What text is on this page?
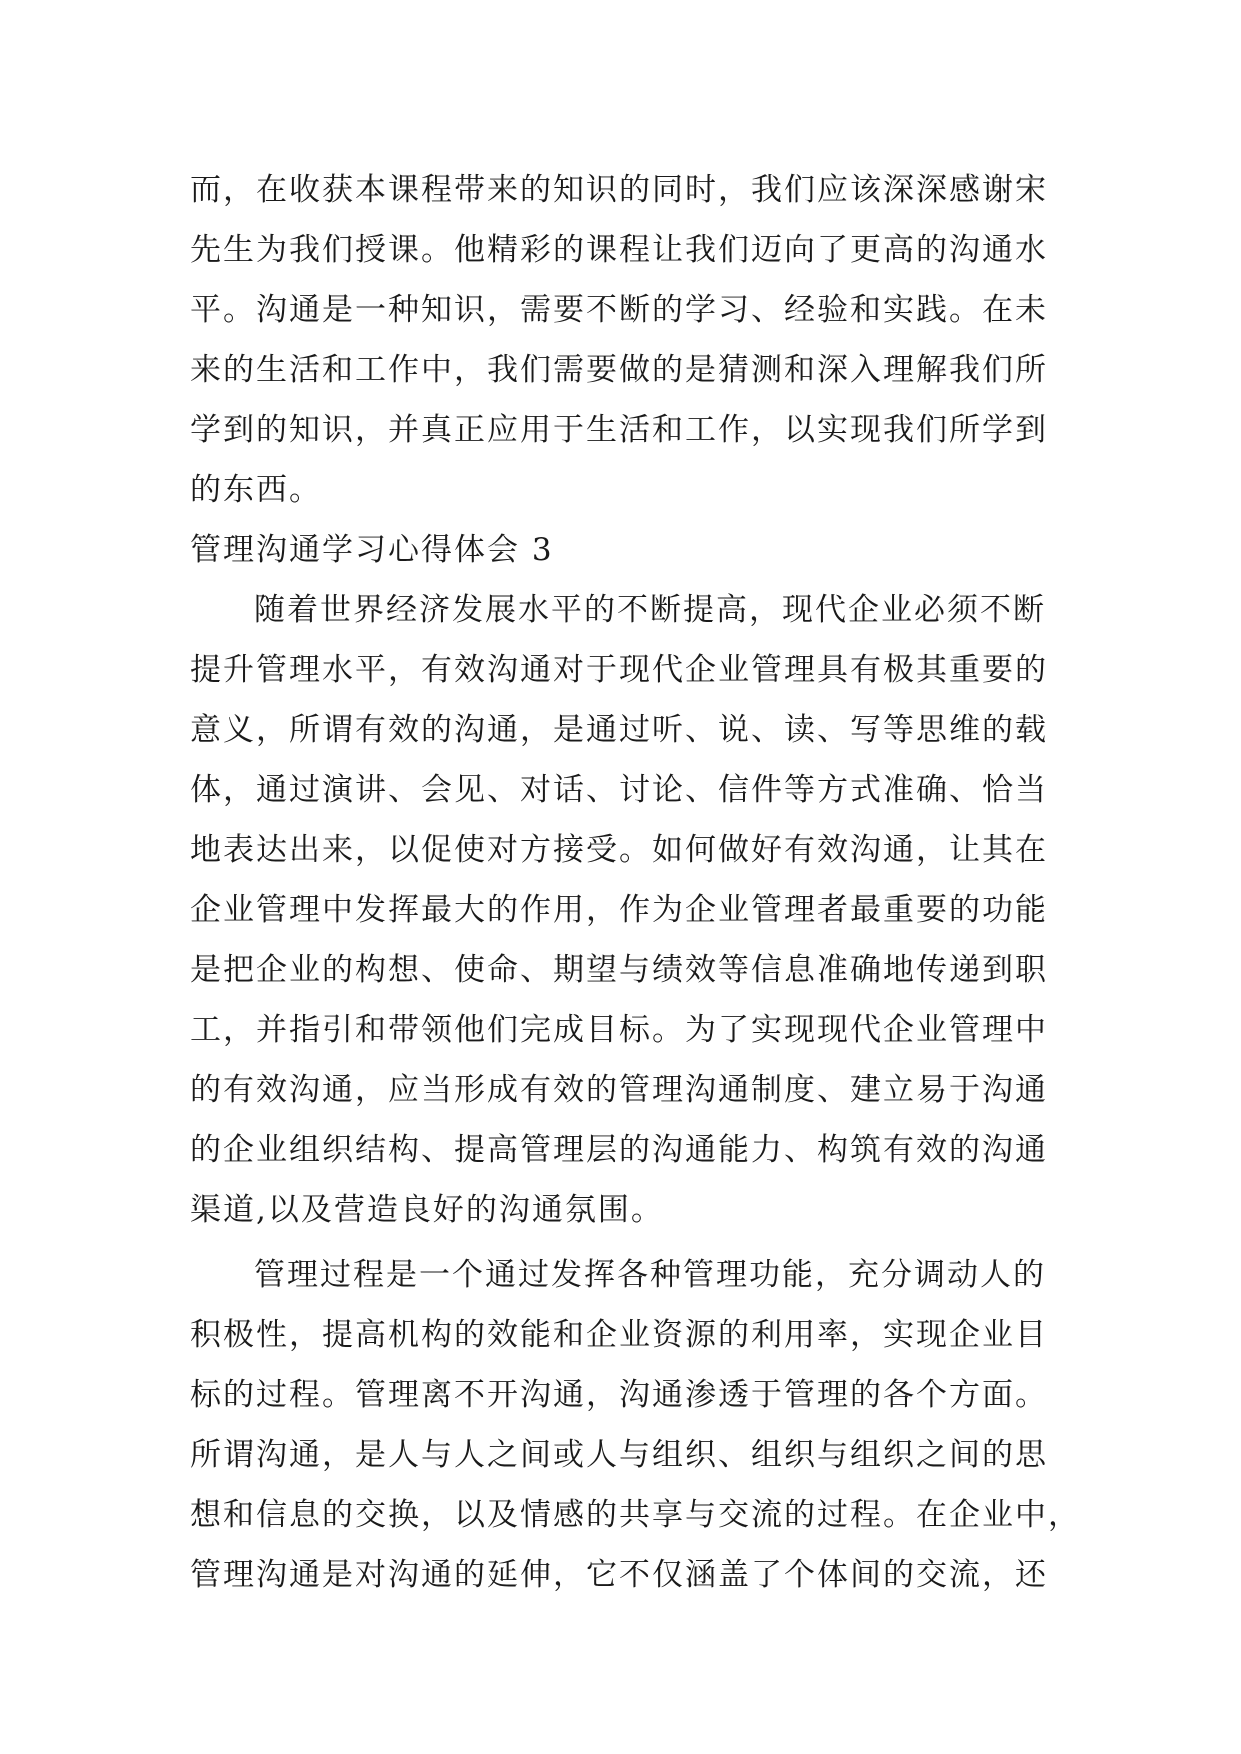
而，在收获本课程带来的知识的同时，我们应该深深感谢宋
先生为我们授课。他精彩的课程让我们迈向了更高的沟通水
平。沟通是一种知识，需要不断的学习、经验和实践。在未
来的生活和工作中，我们需要做的是猜测和深入理解我们所
学到的知识，并真正应用于生活和工作，以实现我们所学到
的东西。
管理沟通学习心得体会 3
随着世界经济发展水平的不断提高，现代企业必须不断
提升管理水平，有效沟通对于现代企业管理具有极其重要的
意义，所谓有效的沟通，是通过听、说、读、写等思维的载
体，通过演讲、会见、对话、讨论、信件等方式准确、恰当
地表达出来，以促使对方接受。如何做好有效沟通，让其在
企业管理中发挥最大的作用，作为企业管理者最重要的功能
是把企业的构想、使命、期望与绩效等信息准确地传递到职
工，并指引和带领他们完成目标。为了实现现代企业管理中
的有效沟通，应当形成有效的管理沟通制度、建立易于沟通
的企业组织结构、提高管理层的沟通能力、构筑有效的沟通
渠道,以及营造良好的沟通氛围。
管理过程是一个通过发挥各种管理功能，充分调动人的
积极性，提高机构的效能和企业资源的利用率，实现企业目
标的过程。管理离不开沟通，沟通渗透于管理的各个方面。
所谓沟通，是人与人之间或人与组织、组织与组织之间的思
想和信息的交换，以及情感的共享与交流的过程。在企业中，
管理沟通是对沟通的延伸，它不仅涵盖了个体间的交流，还
